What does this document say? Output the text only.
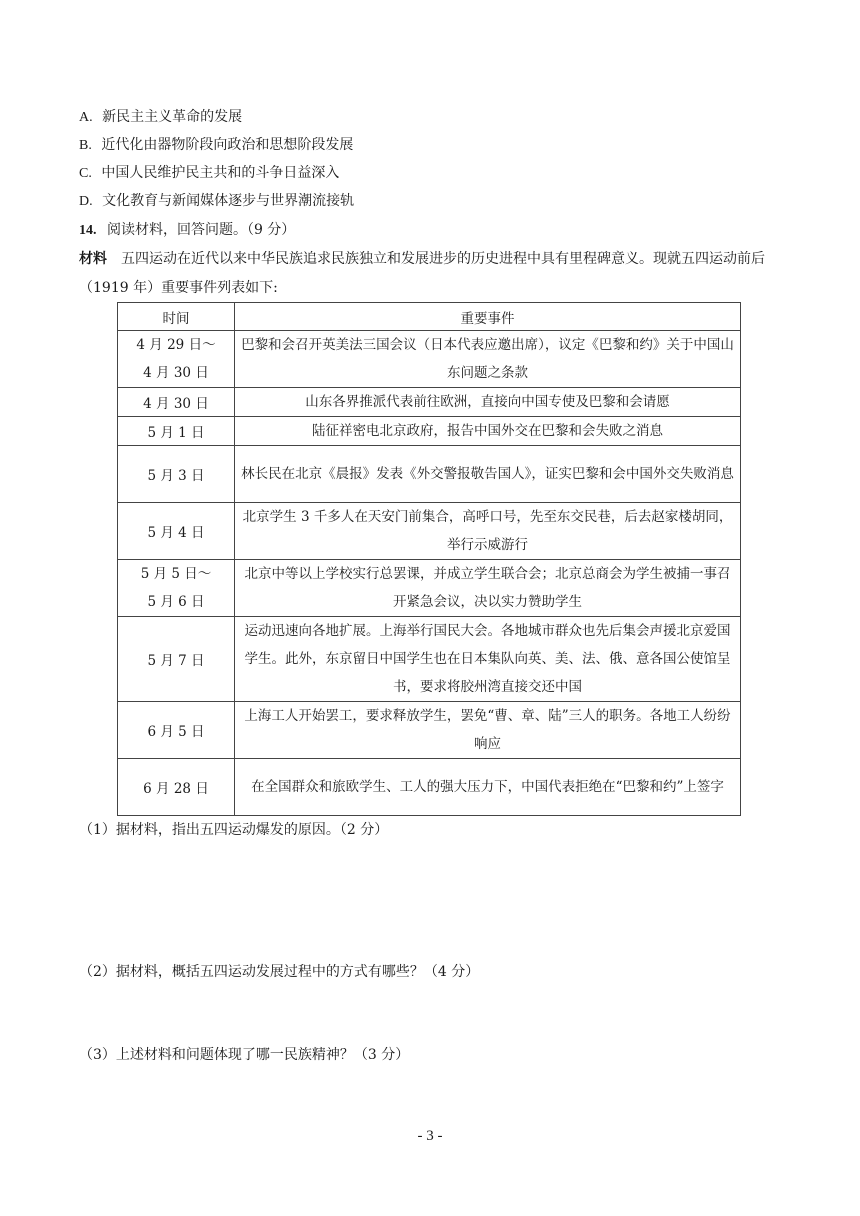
A. 新民主主义革命的发展
B. 近代化由器物阶段向政治和思想阶段发展
C. 中国人民维护民主共和的斗争日益深入
D. 文化教育与新闻媒体逐步与世界潮流接轨
14. 阅读材料，回答问题。（9 分）
材料 五四运动在近代以来中华民族追求民族独立和发展进步的历史进程中具有里程碑意义。现就五四运动前后（1919 年）重要事件列表如下:
时间	重要事件

4 月 29 日～
4 月 30 日	巴黎和会召开英美法三国会议（日本代表应邀出席），议定《巴黎和约》关于中国山东问题之条款

4 月 30 日	山东各界推派代表前往欧洲，直接向中国专使及巴黎和会请愿

5 月 1 日	陆征祥密电北京政府，报告中国外交在巴黎和会失败之消息

5 月 3 日	林长民在北京《晨报》发表《外交警报敬告国人》，证实巴黎和会中国外交失败消息

5 月 4 日	北京学生 3 千多人在天安门前集合，高呼口号，先至东交民巷，后去赵家楼胡同，举行示威游行

5 月 5 日～
5 月 6 日	北京中等以上学校实行总罢课，并成立学生联合会；北京总商会为学生被捕一事召开紧急会议，决以实力赞助学生

5 月 7 日	运动迅速向各地扩展。上海举行国民大会。各地城市群众也先后集会声援北京爱国学生。此外，东京留日中国学生也在日本集队向英、美、法、俄、意各国公使馆呈书，要求将胶州湾直接交还中国

6 月 5 日	上海工人开始罢工，要求释放学生，罢免“曹、章、陆”三人的职务。各地工人纷纷响应

6 月 28 日	在全国群众和旅欧学生、工人的强大压力下，中国代表拒绝在“巴黎和约”上签字
（1）据材料，指出五四运动爆发的原因。（2 分）
（2）据材料，概括五四运动发展过程中的方式有哪些？（4 分）
（3）上述材料和问题体现了哪一民族精神？（3 分）
- 3 -
